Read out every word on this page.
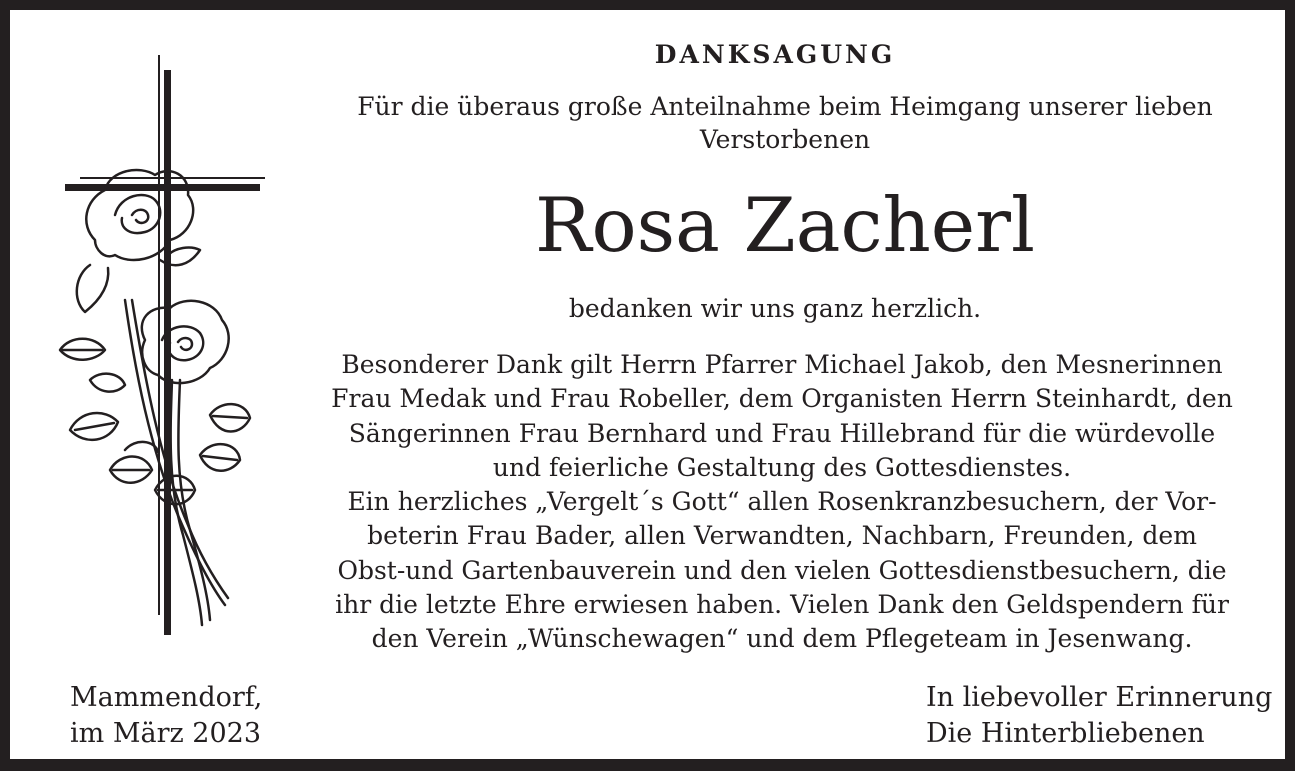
DANKSAGUNG
Für die überaus große Anteilnahme beim Heimgang unserer lieben
Verstorbenen
Rosa Zacherl
bedanken wir uns ganz herzlich.
Besonderer Dank gilt Herrn Pfarrer Michael Jakob, den Mesnerinnen
Frau Medak und Frau Robeller, dem Organisten Herrn Steinhardt, den
Sängerinnen Frau Bernhard und Frau Hillebrand für die würdevolle
und feierliche Gestaltung des Gottesdienstes.
Ein herzliches „Vergelt´s Gott“ allen Rosenkranzbesuchern, der Vor-
beterin Frau Bader, allen Verwandten, Nachbarn, Freunden, dem
Obst-und Gartenbauverein und den vielen Gottesdienstbesuchern, die
ihr die letzte Ehre erwiesen haben. Vielen Dank den Geldspendern für
den Verein „Wünschewagen“ und dem Pflegeteam in Jesenwang.
Mammendorf,
im März 2023
In liebevoller Erinnerung
Die Hinterbliebenen
